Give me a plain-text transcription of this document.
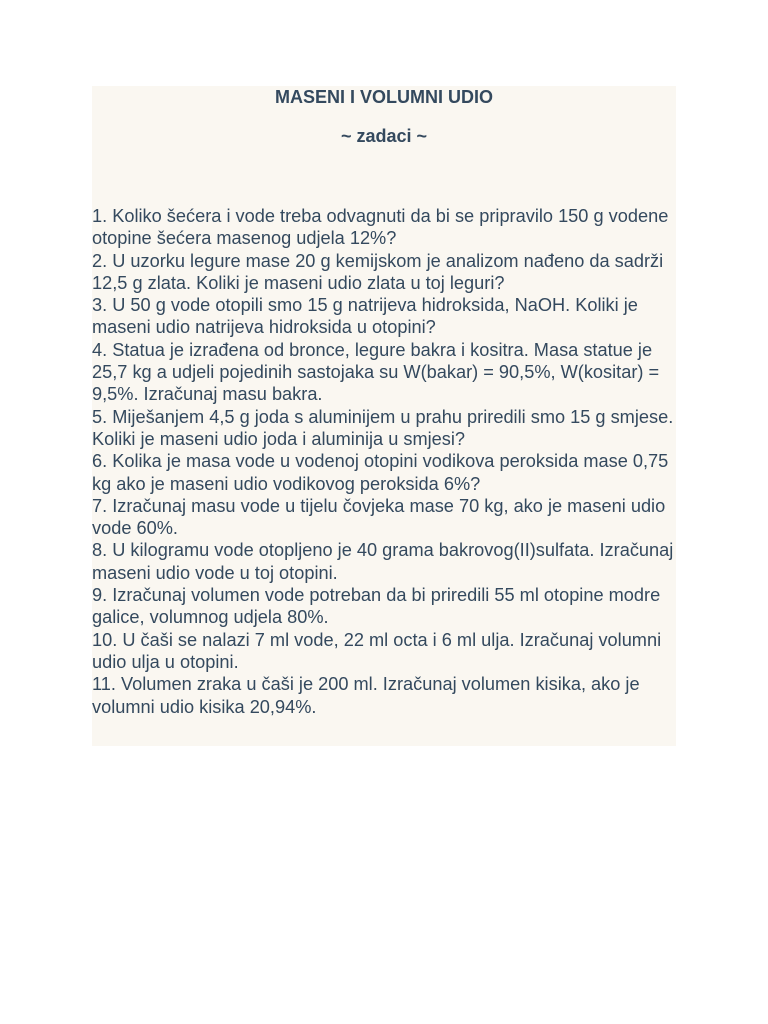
MASENI I VOLUMNI UDIO
~ zadaci ~
1. Koliko šećera i vode treba odvagnuti da bi se pripravilo 150 g vodene otopine šećera masenog udjela 12%?
2. U uzorku legure mase 20 g kemijskom je analizom nađeno da sadrži 12,5 g zlata. Koliki je maseni udio zlata u toj leguri?
3. U 50 g vode otopili smo 15 g natrijeva hidroksida, NaOH. Koliki je maseni udio natrijeva hidroksida u otopini?
4. Statua je izrađena od bronce, legure bakra i kositra. Masa statue je 25,7 kg a udjeli pojedinih sastojaka su W(bakar) = 90,5%, W(kositar) = 9,5%. Izračunaj masu bakra.
5. Miješanjem 4,5 g joda s aluminijem u prahu priredili smo 15 g smjese. Koliki je maseni udio joda i aluminija u smjesi?
6. Kolika je masa vode u vodenoj otopini vodikova peroksida mase 0,75 kg ako je maseni udio vodikovog peroksida 6%?
7. Izračunaj masu vode u tijelu čovjeka mase 70 kg, ako je maseni udio vode 60%.
8. U kilogramu vode otopljeno je 40 grama bakrovog(II)sulfata. Izračunaj maseni udio vode u toj otopini.
9. Izračunaj volumen vode potreban da bi priredili 55 ml otopine modre galice, volumnog udjela 80%.
10. U čaši se nalazi 7 ml vode, 22 ml octa i 6 ml ulja. Izračunaj volumni udio ulja u otopini.
11. Volumen zraka u čaši je 200 ml. Izračunaj volumen kisika, ako je volumni udio kisika 20,94%.
